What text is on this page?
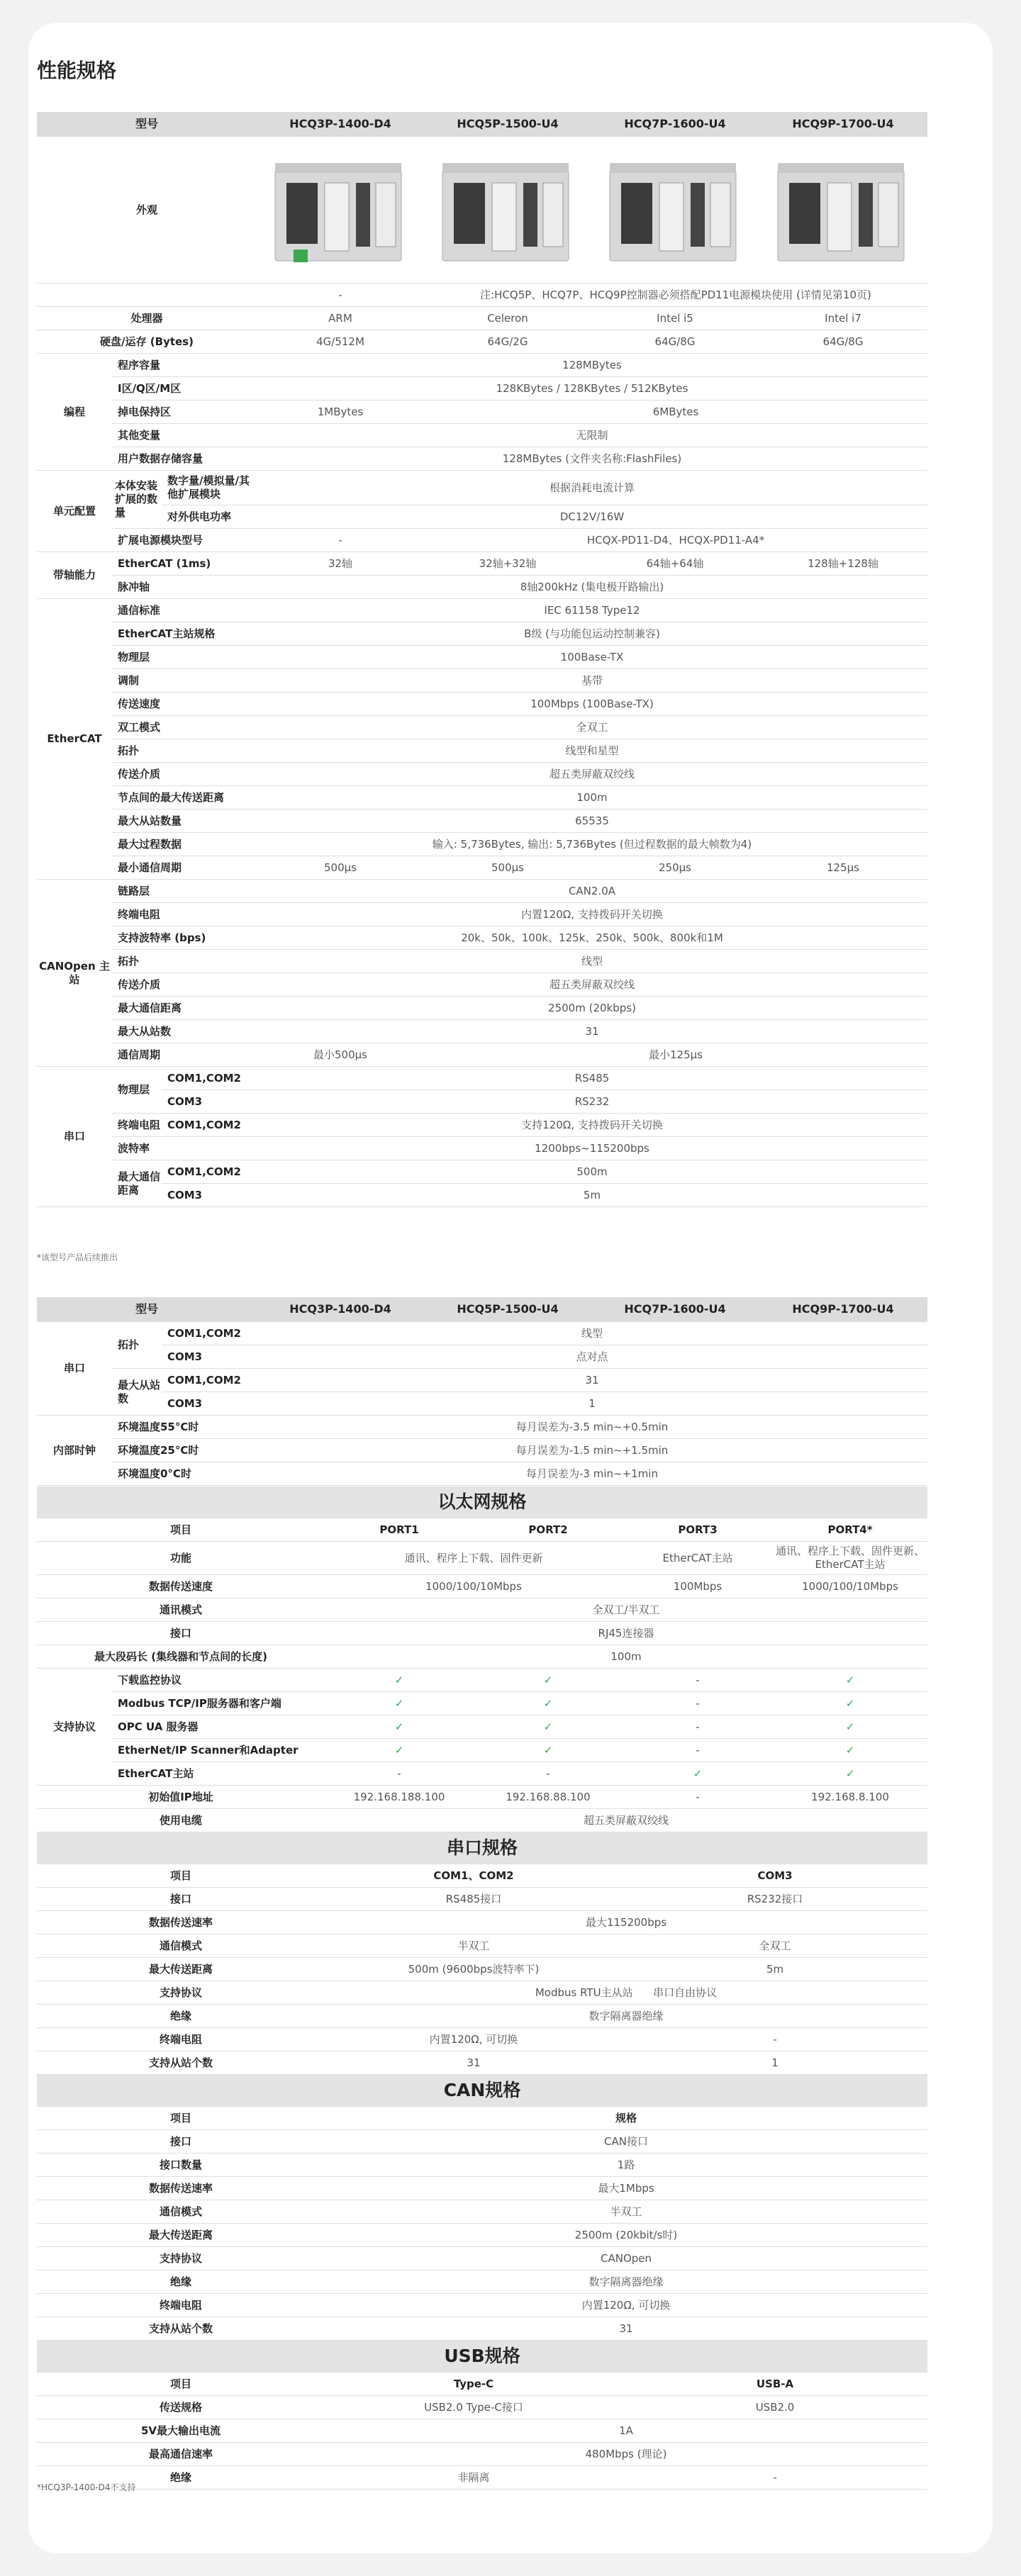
性能规格
型号			HCQ3P-1400-D4	HCQ5P-1500-U4	HCQ7P-1600-U4	HCQ9P-1700-U4
外观	

			-	注:HCQ5P、HCQ7P、HCQ9P控制器必须搭配PD11电源模块使用 (详情见第10页)		
处理器			ARM	Celeron	Intel i5	Intel i7
硬盘/运存 (Bytes)			4G/512M	64G/2G	64G/8G	64G/8G
编程	程序容量		128MBytes			
	I区/Q区/M区		128KBytes / 128KBytes / 512KBytes			
	掉电保持区		1MBytes	6MBytes		
	其他变量		无限制			
	用户数据存储容量		128MBytes (文件夹名称:FlashFiles)			
单元配置	本体安装扩展的数量	数字量/模拟量/其他扩展模块	根据消耗电流计算			
		对外供电功率	DC12V/16W			
	扩展电源模块型号		-	HCQX-PD11-D4、HCQX-PD11-A4*		
带轴能力	EtherCAT (1ms)		32轴	32轴+32轴	64轴+64轴	128轴+128轴
	脉冲轴		8轴200kHz (集电极开路输出)			
EtherCAT	通信标准		IEC 61158 Type12			
	EtherCAT主站规格		B级 (与功能包运动控制兼容)			
	物理层		100Base-TX			
	调制		基带			
	传送速度		100Mbps (100Base-TX)			
	双工模式		全双工			
	拓扑		线型和星型			
	传送介质		超五类屏蔽双绞线			
	节点间的最大传送距离		100m			
	最大从站数量		65535			
	最大过程数据		输入: 5,736Bytes, 输出: 5,736Bytes (但过程数据的最大帧数为4)			
	最小通信周期		500μs	500μs	250μs	125μs
CANOpen 主站	链路层		CAN2.0A			
	终端电阻		内置120Ω, 支持拨码开关切换			
	支持波特率 (bps)		20k、50k、100k、125k、250k、500k、800k和1M			
	拓扑		线型			
	传送介质		超五类屏蔽双绞线			
	最大通信距离		2500m (20kbps)			
	最大从站数		31			
	通信周期		最小500μs	最小125μs		
串口	物理层	COM1,COM2	RS485			
		COM3	RS232			
	终端电阻	COM1,COM2	支持120Ω, 支持拨码开关切换			
	波特率		1200bps~115200bps			
	最大通信距离	COM1,COM2	500m			
		COM3	5m			
*该型号产品后续推出
型号			HCQ3P-1400-D4	HCQ5P-1500-U4	HCQ7P-1600-U4	HCQ9P-1700-U4
串口	拓扑	COM1,COM2	线型			
		COM3	点对点			
	最大从站数	COM1,COM2	31			
		COM3	1			
内部时钟	环境温度55°C时		每月误差为-3.5 min~+0.5min			
	环境温度25°C时		每月误差为-1.5 min~+1.5min			
	环境温度0°C时		每月误差为-3 min~+1min			
以太网规格					
项目		PORT1	PORT2	PORT3	PORT4*
功能		通讯、程序上下载、固件更新		EtherCAT主站	通讯、程序上下载、固件更新、EtherCAT主站
数据传送速度		1000/100/10Mbps		100Mbps	1000/100/10Mbps
通讯模式		全双工/半双工			
接口		RJ45连接器			
最大段码长 (集线器和节点间的长度)		100m			
支持协议	下载监控协议	✓	✓	-	✓
	Modbus TCP/IP服务器和客户端	✓	✓	-	✓
	OPC UA 服务器	✓	✓	-	✓
	EtherNet/IP Scanner和Adapter	✓	✓	-	✓
	EtherCAT主站	-	-	✓	✓
初始值IP地址		192.168.188.100	192.168.88.100	-	192.168.8.100
使用电缆		超五类屏蔽双绞线			
串口规格					
项目		COM1、COM2		COM3	
接口		RS485接口		RS232接口	
数据传送速率		最大115200bps			
通信模式		半双工		全双工	
最大传送距离		500m (9600bps波特率下)		5m	
支持协议		Modbus RTU主从站      串口自由协议			
绝缘		数字隔离器绝缘			
终端电阻		内置120Ω, 可切换		-	
支持从站个数		31		1	
CAN规格					
项目		规格			
接口		CAN接口			
接口数量		1路			
数据传送速率		最大1Mbps			
通信模式		半双工			
最大传送距离		2500m (20kbit/s时)			
支持协议		CANOpen			
绝缘		数字隔离器绝缘			
终端电阻		内置120Ω, 可切换			
支持从站个数		31			
USB规格					
项目		Type-C		USB-A	
传送规格		USB2.0 Type-C接口		USB2.0	
5V最大输出电流		1A			
最高通信速率		480Mbps (理论)			
绝缘		非隔离		-	
*HCQ3P-1400-D4不支持
